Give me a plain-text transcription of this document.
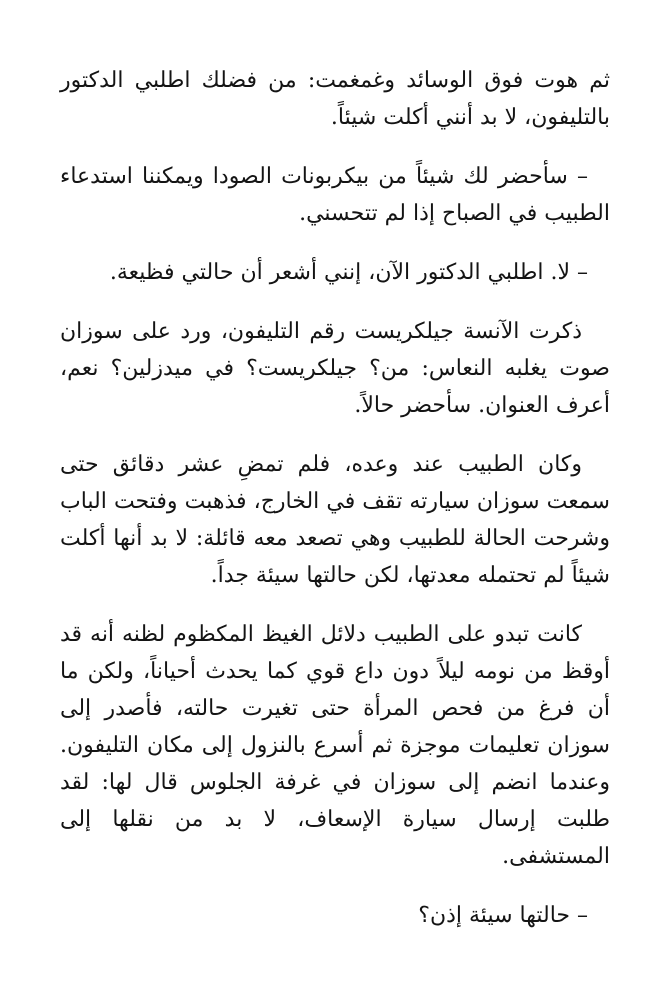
ثم هوت فوق الوسائد وغمغمت: من فضلك اطلبي الدكتور بالتليفون، لا بد أنني أكلت شيئاً.

– سأحضر لك شيئاً من بيكربونات الصودا ويمكننا استدعاء الطبيب في الصباح إذا لم تتحسني.

– لا. اطلبي الدكتور الآن، إنني أشعر أن حالتي فظيعة.

ذكرت الآنسة جيلكريست رقم التليفون، ورد على سوزان صوت يغلبه النعاس: من؟ جيلكريست؟ في ميدزلين؟ نعم، أعرف العنوان. سأحضر حالاً.

وكان الطبيب عند وعده، فلم تمضِ عشر دقائق حتى سمعت سوزان سيارته تقف في الخارج، فذهبت وفتحت الباب وشرحت الحالة للطبيب وهي تصعد معه قائلة: لا بد أنها أكلت شيئاً لم تحتمله معدتها، لكن حالتها سيئة جداً.

كانت تبدو على الطبيب دلائل الغيظ المكظوم لظنه أنه قد أوقظ من نومه ليلاً دون داع قوي كما يحدث أحياناً، ولكن ما أن فرغ من فحص المرأة حتى تغيرت حالته، فأصدر إلى سوزان تعليمات موجزة ثم أسرع بالنزول إلى مكان التليفون. وعندما انضم إلى سوزان في غرفة الجلوس قال لها: لقد طلبت إرسال سيارة الإسعاف، لا بد من نقلها إلى المستشفى.

– حالتها سيئة إذن؟
